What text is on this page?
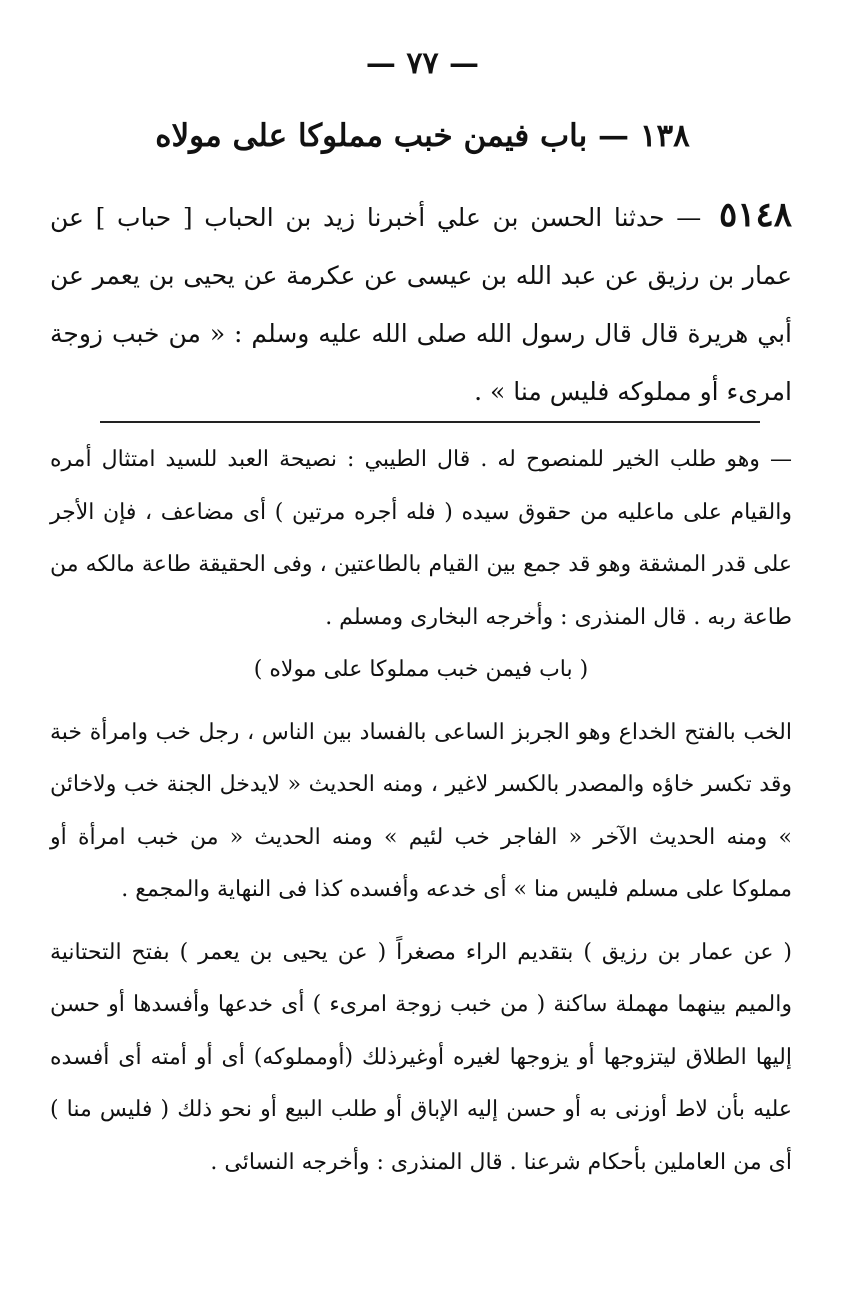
— ٧٧ —
١٣٨ — باب فيمن خبب مملوكا على مولاه
٥١٤٨ — حدثنا الحسن بن علي أخبرنا زيد بن الحباب [ حباب ] عن عمار بن رزيق عن عبد الله بن عيسى عن عكرمة عن يحيى بن يعمر عن أبي هريرة قال قال رسول الله صلى الله عليه وسلم : « من خبب زوجة امرىء أو مملوكه فليس منا » .

— وهو طلب الخير للمنصوح له . قال الطيبي : نصيحة العبد للسيد امتثال أمره والقيام على ماعليه من حقوق سيده ( فله أجره مرتين ) أى مضاعف ، فإن الأجر على قدر المشقة وهو قد جمع بين القيام بالطاعتين ، وفى الحقيقة طاعة مالكه من طاعة ربه . قال المنذرى : وأخرجه البخارى ومسلم .

( باب فيمن خبب مملوكا على مولاه )

الخب بالفتح الخداع وهو الجربز الساعى بالفساد بين الناس ، رجل خب وامرأة خبة وقد تكسر خاؤه والمصدر بالكسر لاغير ، ومنه الحديث « لايدخل الجنة خب ولاخائن » ومنه الحديث الآخر « الفاجر خب لئيم » ومنه الحديث « من خبب امرأة أو مملوكا على مسلم فليس منا » أى خدعه وأفسده كذا فى النهاية والمجمع .

( عن عمار بن رزيق ) بتقديم الراء مصغراً ( عن يحيى بن يعمر ) بفتح التحتانية والميم بينهما مهملة ساكنة ( من خبب زوجة امرىء ) أى خدعها وأفسدها أو حسن إليها الطلاق ليتزوجها أو يزوجها لغيره أوغيرذلك (أومملوكه) أى أو أمته أى أفسده عليه بأن لاط أوزنى به أو حسن إليه الإباق أو طلب البيع أو نحو ذلك ( فليس منا ) أى من العاملين بأحكام شرعنا . قال المنذرى : وأخرجه النسائى .
